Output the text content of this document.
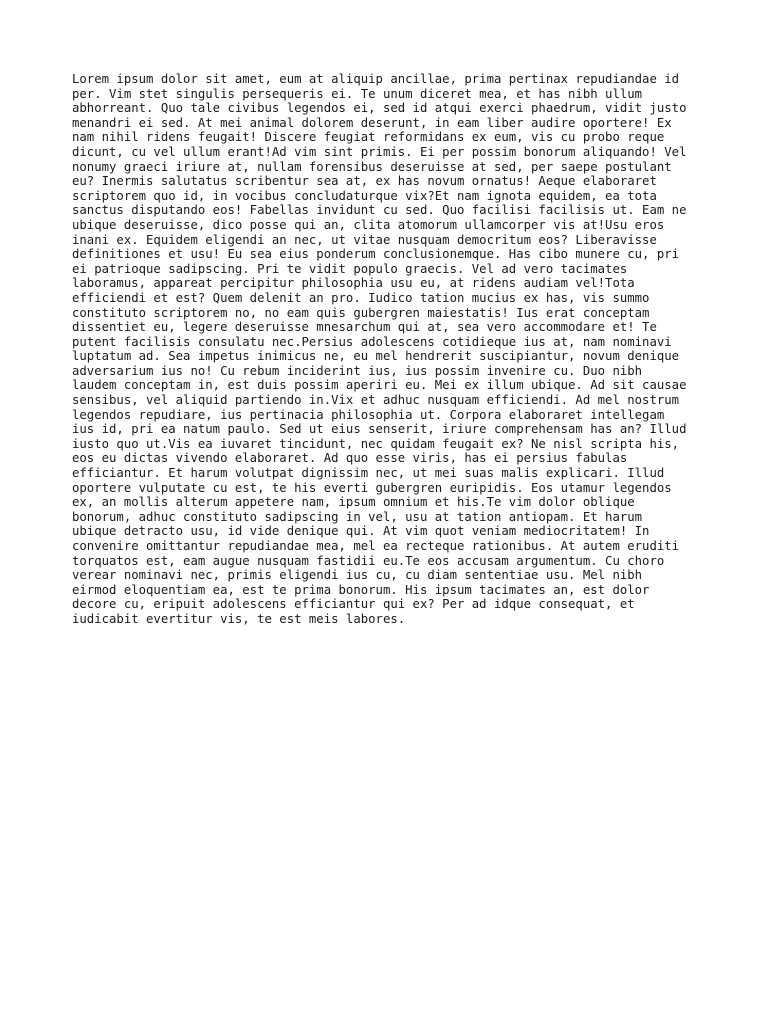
Lorem ipsum dolor sit amet, eum at aliquip ancillae, prima pertinax repudiandae id
per. Vim stet singulis persequeris ei. Te unum diceret mea, et has nibh ullum
abhorreant. Quo tale civibus legendos ei, sed id atqui exerci phaedrum, vidit justo
menandri ei sed. At mei animal dolorem deserunt, in eam liber audire oportere! Ex
nam nihil ridens feugait! Discere feugiat reformidans ex eum, vis cu probo reque
dicunt, cu vel ullum erant!Ad vim sint primis. Ei per possim bonorum aliquando! Vel
nonumy graeci iriure at, nullam forensibus deseruisse at sed, per saepe postulant
eu? Inermis salutatus scribentur sea at, ex has novum ornatus! Aeque elaboraret
scriptorem quo id, in vocibus concludaturque vix?Et nam ignota equidem, ea tota
sanctus disputando eos! Fabellas invidunt cu sed. Quo facilisi facilisis ut. Eam ne
ubique deseruisse, dico posse qui an, clita atomorum ullamcorper vis at!Usu eros
inani ex. Equidem eligendi an nec, ut vitae nusquam democritum eos? Liberavisse
definitiones et usu! Eu sea eius ponderum conclusionemque. Has cibo munere cu, pri
ei patrioque sadipscing. Pri te vidit populo graecis. Vel ad vero tacimates
laboramus, appareat percipitur philosophia usu eu, at ridens audiam vel!Tota
efficiendi et est? Quem delenit an pro. Iudico tation mucius ex has, vis summo
constituto scriptorem no, no eam quis gubergren maiestatis! Ius erat conceptam
dissentiet eu, legere deseruisse mnesarchum qui at, sea vero accommodare et! Te
putent facilisis consulatu nec.Persius adolescens cotidieque ius at, nam nominavi
luptatum ad. Sea impetus inimicus ne, eu mel hendrerit suscipiantur, novum denique
adversarium ius no! Cu rebum inciderint ius, ius possim invenire cu. Duo nibh
laudem conceptam in, est duis possim aperiri eu. Mei ex illum ubique. Ad sit causae
sensibus, vel aliquid partiendo in.Vix et adhuc nusquam efficiendi. Ad mel nostrum
legendos repudiare, ius pertinacia philosophia ut. Corpora elaboraret intellegam
ius id, pri ea natum paulo. Sed ut eius senserit, iriure comprehensam has an? Illud
iusto quo ut.Vis ea iuvaret tincidunt, nec quidam feugait ex? Ne nisl scripta his,
eos eu dictas vivendo elaboraret. Ad quo esse viris, has ei persius fabulas
efficiantur. Et harum volutpat dignissim nec, ut mei suas malis explicari. Illud
oportere vulputate cu est, te his everti gubergren euripidis. Eos utamur legendos
ex, an mollis alterum appetere nam, ipsum omnium et his.Te vim dolor oblique
bonorum, adhuc constituto sadipscing in vel, usu at tation antiopam. Et harum
ubique detracto usu, id vide denique qui. At vim quot veniam mediocritatem! In
convenire omittantur repudiandae mea, mel ea recteque rationibus. At autem eruditi
torquatos est, eam augue nusquam fastidii eu.Te eos accusam argumentum. Cu choro
verear nominavi nec, primis eligendi ius cu, cu diam sententiae usu. Mel nibh
eirmod eloquentiam ea, est te prima bonorum. His ipsum tacimates an, est dolor
decore cu, eripuit adolescens efficiantur qui ex? Per ad idque consequat, et
iudicabit evertitur vis, te est meis labores.
